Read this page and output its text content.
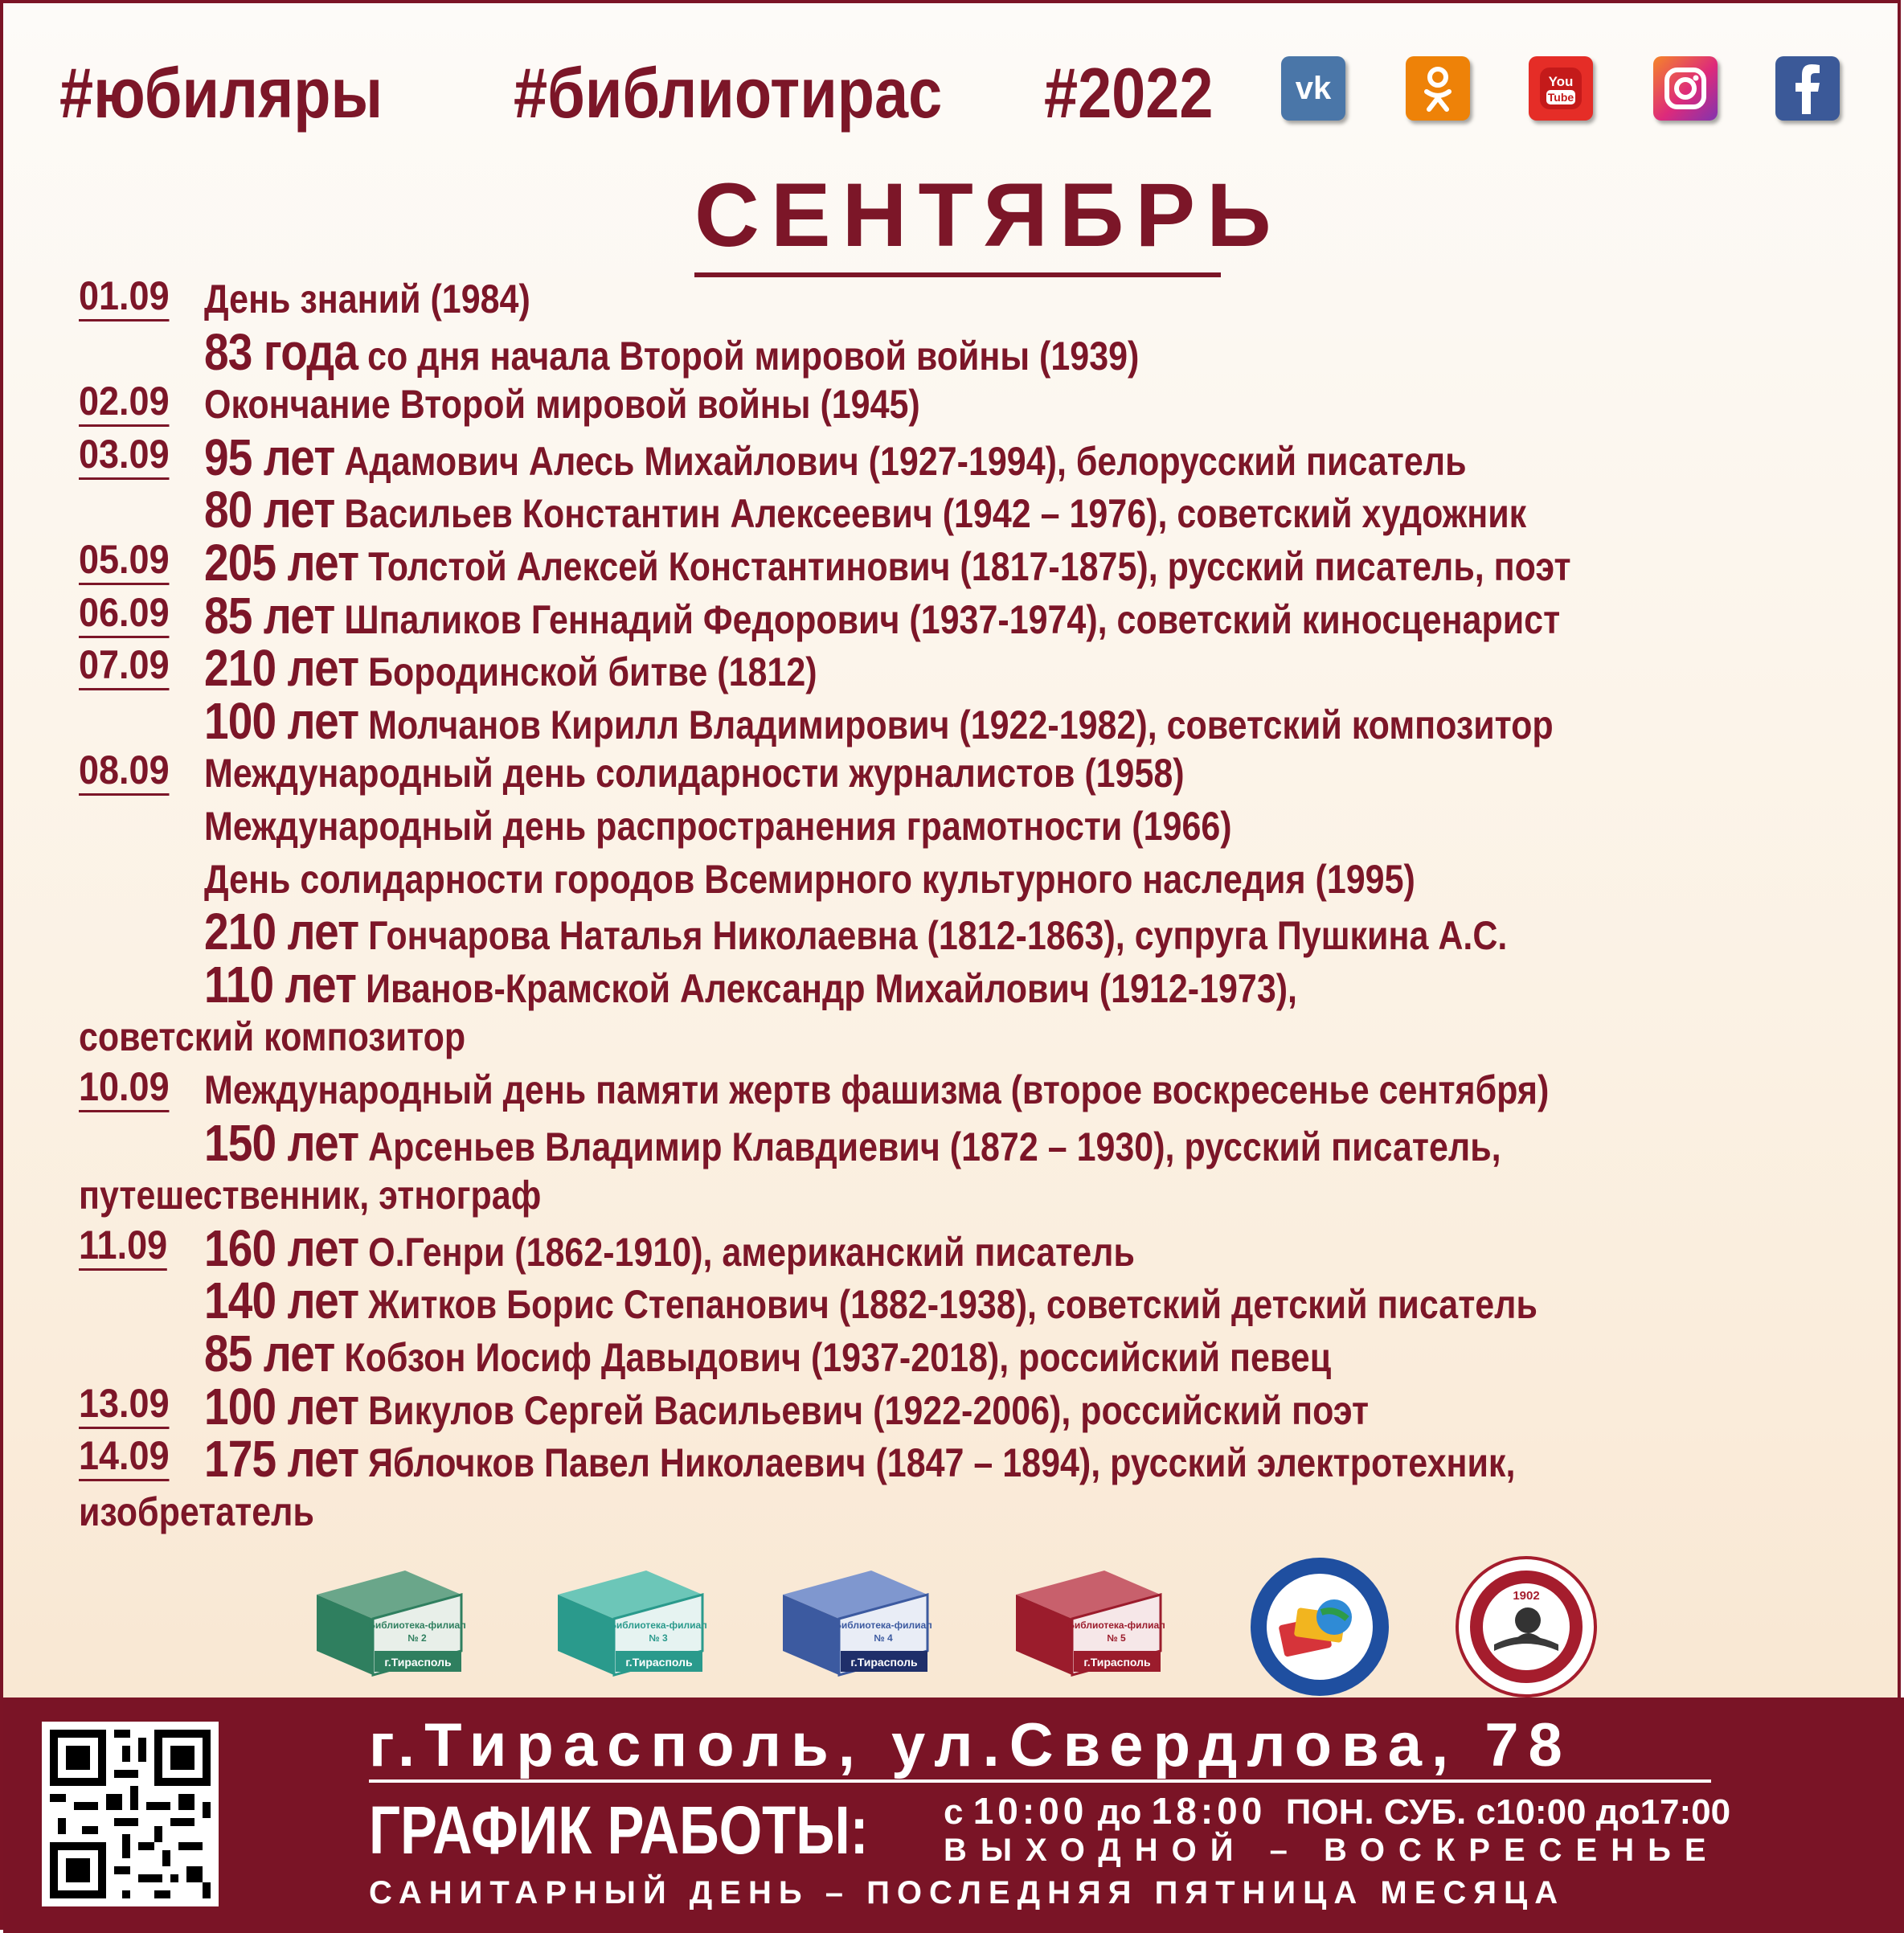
#юбиляры #библиотирас #2022	vk	You
Tube
СЕНТЯБРЬ
01.09 День знаний (1984)
83 года со дня начала Второй мировой войны (1939)
02.09 Окончание Второй мировой войны (1945)
03.09 95 лет Адамович Алесь Михайлович (1927-1994), белорусский писатель
80 лет Васильев Константин Алексеевич (1942 – 1976), советский художник
05.09 205 лет Толстой Алексей Константинович (1817-1875), русский писатель, поэт
06.09 85 лет Шпаликов Геннадий Федорович (1937-1974), советский киносценарист
07.09 210 лет Бородинской битве (1812)
100 лет Молчанов Кирилл Владимирович (1922-1982), советский композитор
08.09 Международный день солидарности журналистов (1958)
Международный день распространения грамотности (1966)
День солидарности городов Всемирного культурного наследия (1995)
210 лет Гончарова Наталья Николаевна (1812-1863), супруга Пушкина А.С.
110 лет Иванов-Крамской Александр Михайлович (1912-1973),
советский композитор
10.09 Международный день памяти жертв фашизма (второе воскресенье сентября)
150 лет Арсеньев Владимир Клавдиевич (1872 – 1930), русский писатель,
путешественник, этнограф
11.09 160 лет О.Генри (1862-1910), американский писатель
140 лет Житков Борис Степанович (1882-1938), советский детский писатель
85 лет Кобзон Иосиф Давыдович (1937-2018), российский певец
13.09 100 лет Викулов Сергей Васильевич (1922-2006), российский поэт
14.09 175 лет Яблочков Павел Николаевич (1847 – 1894), русский электротехник,
изобретатель
Библиотека-филиал
№ 2
г.Тирасполь
Библиотека-филиал
№ 3
г.Тирасполь
Библиотека-филиал
№ 4
г.Тирасполь
Библиотека-филиал
№ 5
г.Тирасполь
1902
г.Тирасполь, ул.Свердлова, 78
ГРАФИК РАБОТЫ: с 10:00 до 18:00 ПОН. СУБ. с10:00 до17:00
ВЫХОДНОЙ – ВОСКРЕСЕНЬЕ
САНИТАРНЫЙ ДЕНЬ – ПОСЛЕДНЯЯ ПЯТНИЦА МЕСЯЦА
